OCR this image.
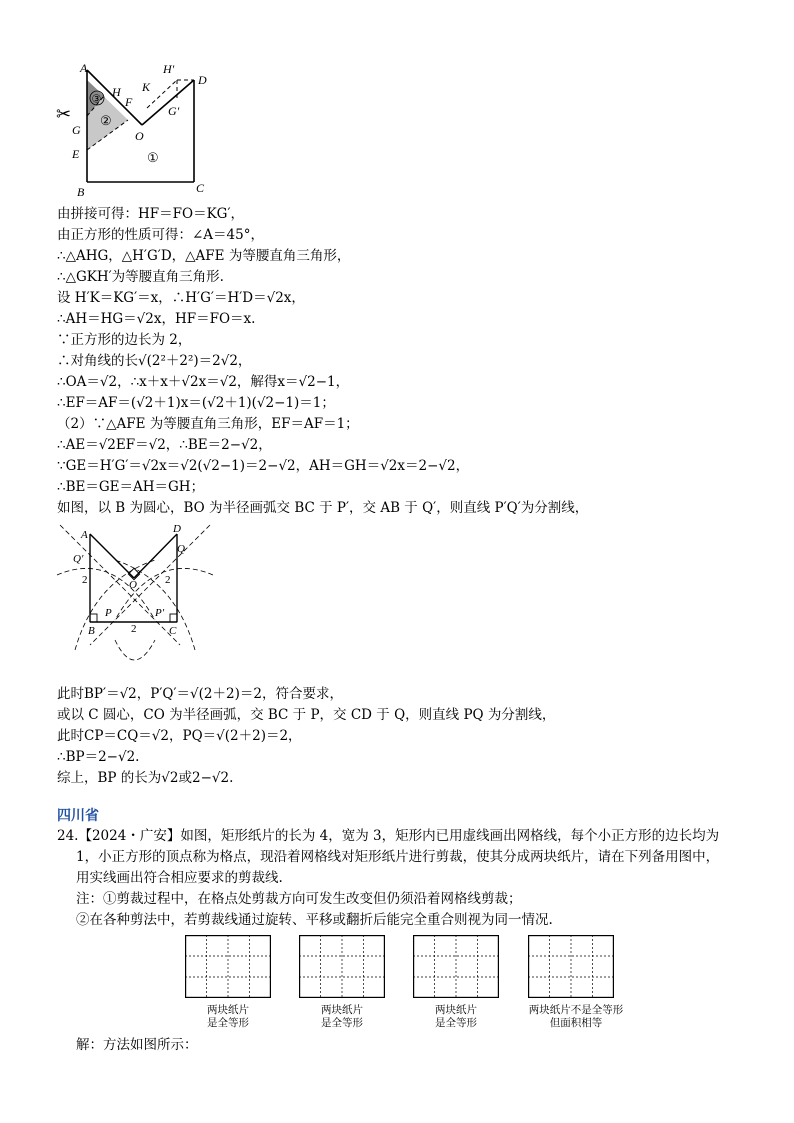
③
②
①
✂
A
H
F
K
H′
D
G′
O
G
E
B	C
由拼接可得：HF＝FO＝KG′，
由正方形的性质可得：∠A＝45°，
∴△AHG，△H′G′D，△AFE 为等腰直角三角形，
∴△GKH′为等腰直角三角形.
设 H′K＝KG′＝x，∴H′G′＝H′D＝√2x，
∴AH＝HG＝√2x，HF＝FO＝x.
∵正方形的边长为 2，
∴对角线的长√(2²＋2²)＝2√2，
∴OA＝√2，∴x＋x＋√2x＝√2，解得x＝√2−1，
∴EF＝AF＝(√2＋1)x＝(√2＋1)(√2−1)＝1；
（2）∵△AFE 为等腰直角三角形，EF＝AF＝1；
∴AE＝√2EF＝√2，∴BE＝2−√2，
∵GE＝H′G′＝√2x＝√2(√2−1)＝2−√2，AH＝GH＝√2x＝2−√2，
∴BE＝GE＝AH＝GH；
如图，以 B 为圆心，BO 为半径画弧交 BC 于 P′，交 AB 于 Q′，则直线 P′Q′为分割线，
A	D
Q′
Q
O
P	P′
B	C
2	2
2
此时BP′＝√2，P′Q′＝√(2＋2)＝2，符合要求，
或以 C 圆心，CO 为半径画弧，交 BC 于 P，交 CD 于 Q，则直线 PQ 为分割线，
此时CP＝CQ＝√2，PQ＝√(2＋2)＝2，
∴BP＝2−√2.
综上，BP 的长为√2或2−√2.
四川省
24.【2024・广安】如图，矩形纸片的长为 4，宽为 3，矩形内已用虚线画出网格线，每个小正方形的边长均为
1，小正方形的顶点称为格点，现沿着网格线对矩形纸片进行剪裁，使其分成两块纸片，请在下列备用图中，
用实线画出符合相应要求的剪裁线.
注：①剪裁过程中，在格点处剪裁方向可发生改变但仍须沿着网格线剪裁；
②在各种剪法中，若剪裁线通过旋转、平移或翻折后能完全重合则视为同一情况.
两块纸片
是全等形
两块纸片
是全等形
两块纸片
是全等形
两块纸片不是全等形
但面积相等
解：方法如图所示：
